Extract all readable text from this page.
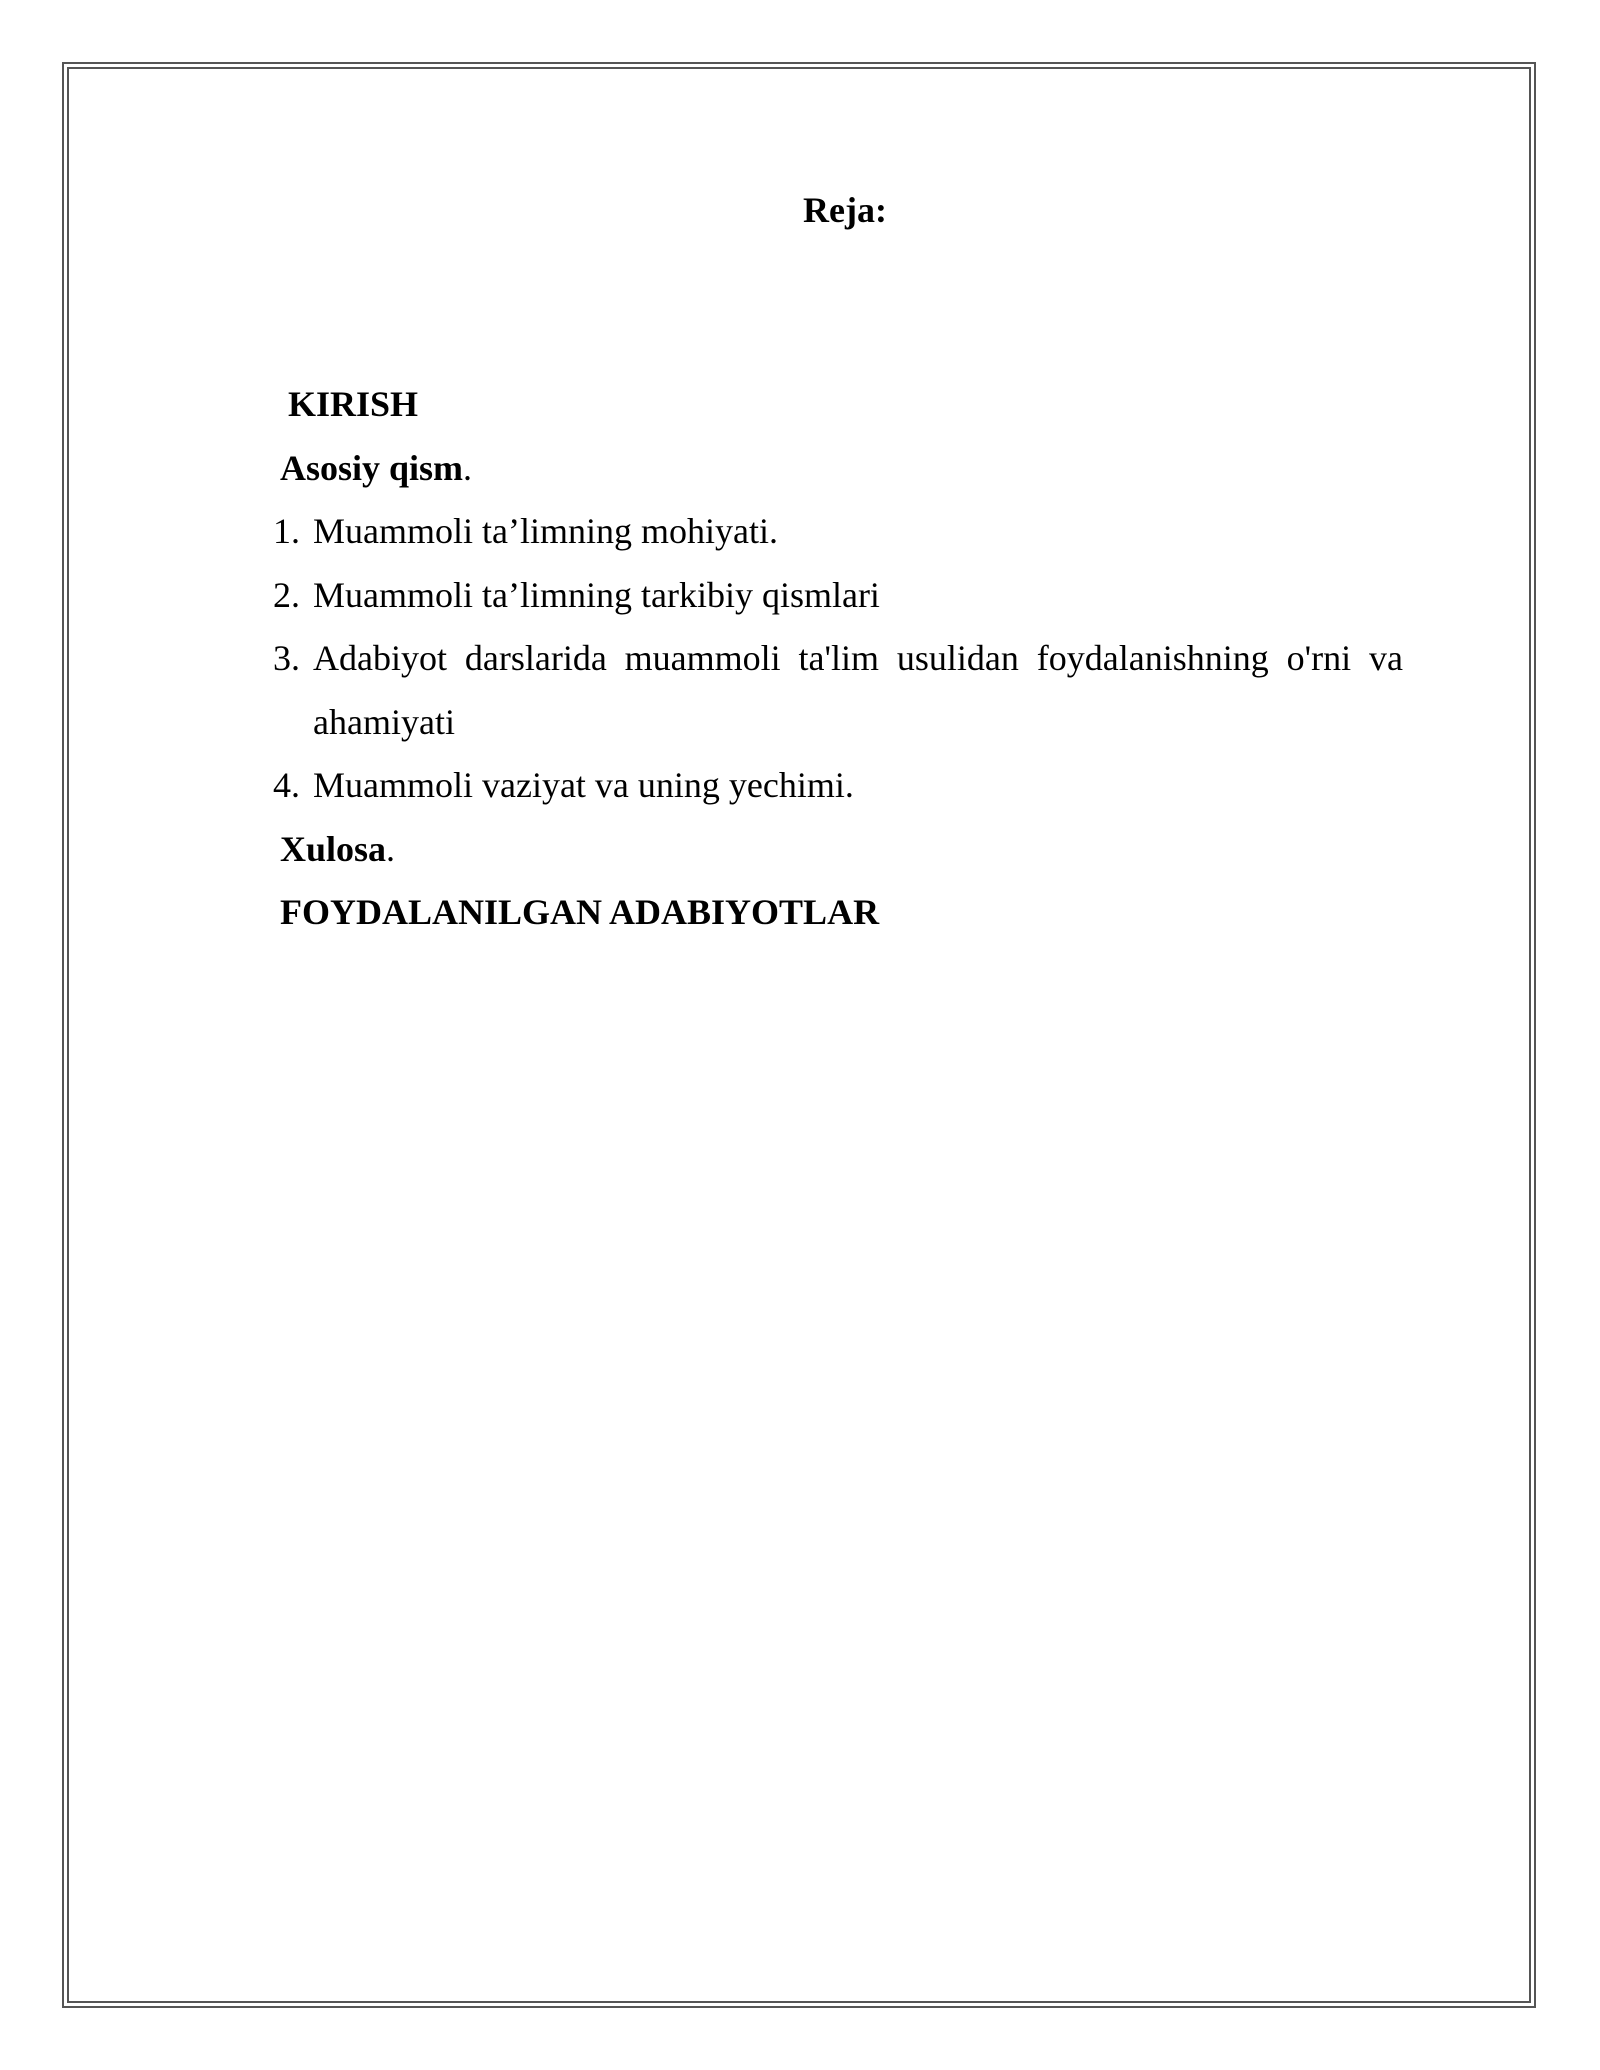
Reja:
KIRISH
Asosiy qism.
1. Muammoli ta’limning mohiyati.
2. Muammoli ta’limning tarkibiy qismlari
3. Adabiyot darslarida muammoli ta'lim usulidan foydalanishning o'rni va
ahamiyati
4. Muammoli vaziyat va uning yechimi.
Xulosa.
FOYDALANILGAN ADABIYOTLAR
